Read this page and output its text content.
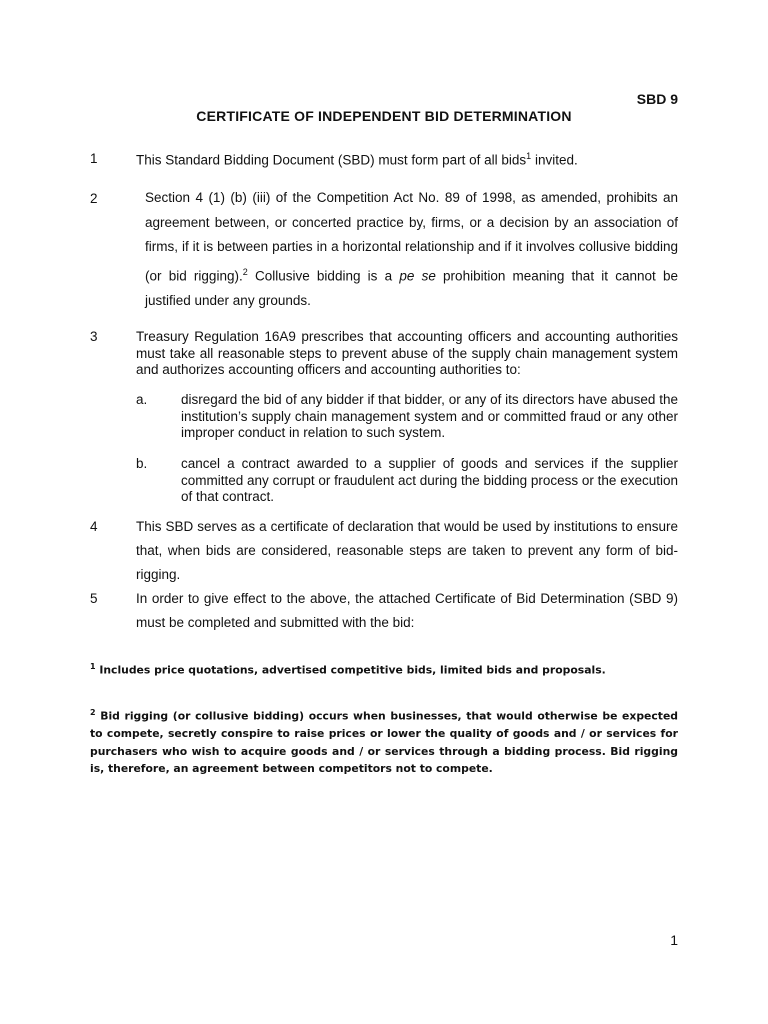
SBD 9
CERTIFICATE OF INDEPENDENT BID DETERMINATION
1	This Standard Bidding Document (SBD) must form part of all bids$^1$ invited.
2	Section 4 (1) (b) (iii) of the Competition Act No. 89 of 1998, as amended, prohibits an agreement between, or concerted practice by, firms, or a decision by an association of firms, if it is between parties in a horizontal relationship and if it involves collusive bidding (or bid rigging).$^2$ Collusive bidding is a pe se prohibition meaning that it cannot be justified under any grounds.
3	Treasury Regulation 16A9 prescribes that accounting officers and accounting authorities must take all reasonable steps to prevent abuse of the supply chain management system and authorizes accounting officers and accounting authorities to:
a. disregard the bid of any bidder if that bidder, or any of its directors have abused the institution’s supply chain management system and or committed fraud or any other improper conduct in relation to such system.
b. cancel a contract awarded to a supplier of goods and services if the supplier committed any corrupt or fraudulent act during the bidding process or the execution of that contract.
4	This SBD serves as a certificate of declaration that would be used by institutions to ensure that, when bids are considered, reasonable steps are taken to prevent any form of bid-rigging.
5	In order to give effect to the above, the attached Certificate of Bid Determination (SBD 9) must be completed and submitted with the bid:
$^1$ Includes price quotations, advertised competitive bids, limited bids and proposals.
$^2$ Bid rigging (or collusive bidding) occurs when businesses, that would otherwise be expected to compete, secretly conspire to raise prices or lower the quality of goods and / or services for purchasers who wish to acquire goods and / or services through a bidding process. Bid rigging is, therefore, an agreement between competitors not to compete.
1
